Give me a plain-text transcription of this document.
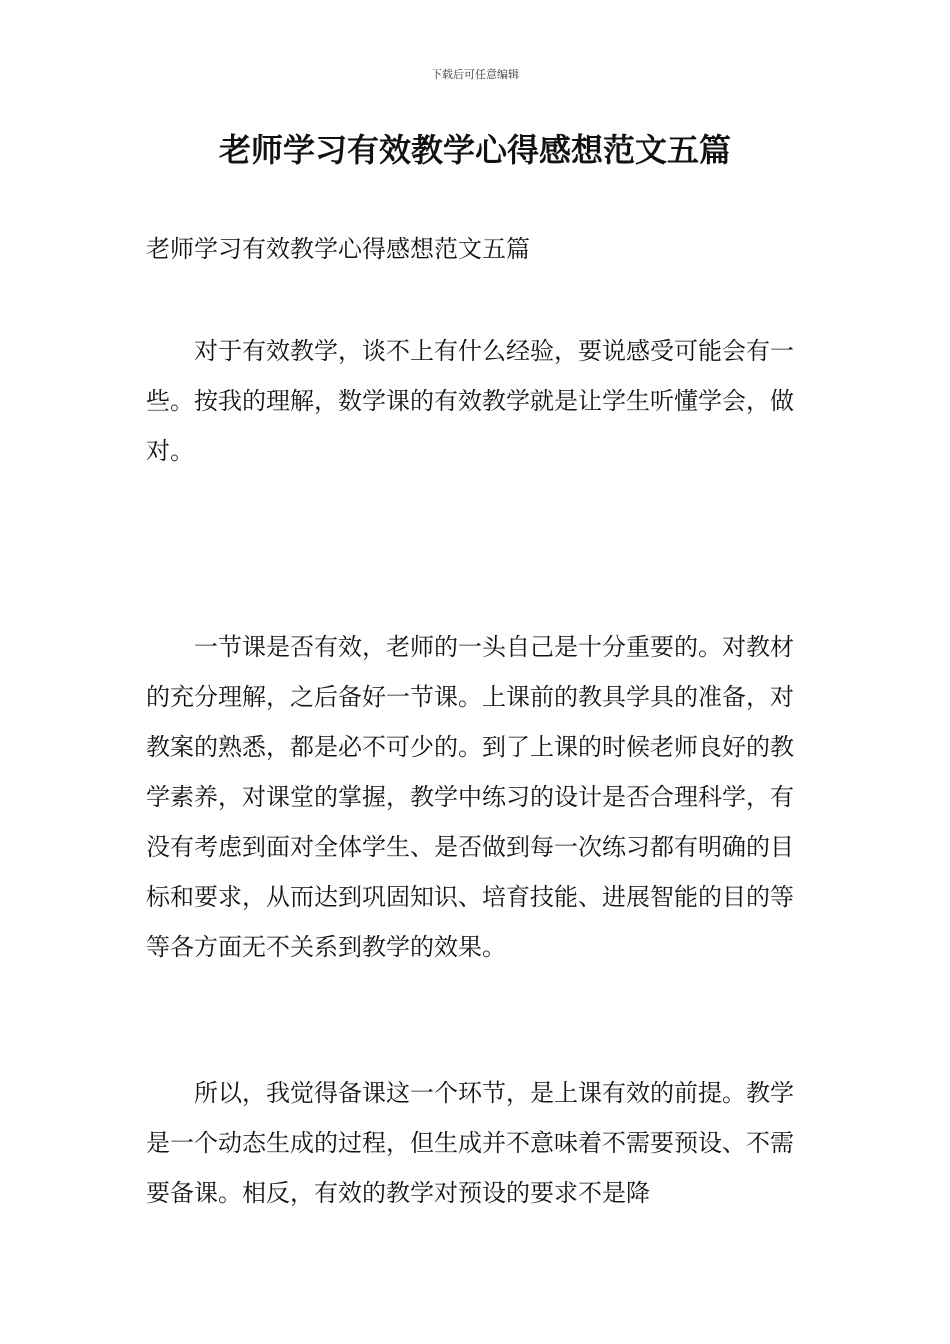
下载后可任意编辑
老师学习有效教学心得感想范文五篇

老师学习有效教学心得感想范文五篇

对于有效教学，谈不上有什么经验，要说感受可能会有一些。按我的理解，数学课的有效教学就是让学生听懂学会，做对。

一节课是否有效，老师的一头自己是十分重要的。对教材的充分理解，之后备好一节课。上课前的教具学具的准备，对教案的熟悉，都是必不可少的。到了上课的时候老师良好的教学素养，对课堂的掌握，教学中练习的设计是否合理科学，有没有考虑到面对全体学生、是否做到每一次练习都有明确的目标和要求，从而达到巩固知识、培育技能、进展智能的目的等等各方面无不关系到教学的效果。

所以，我觉得备课这一个环节，是上课有效的前提。教学是一个动态生成的过程，但生成并不意味着不需要预设、不需要备课。相反，有效的教学对预设的要求不是降
